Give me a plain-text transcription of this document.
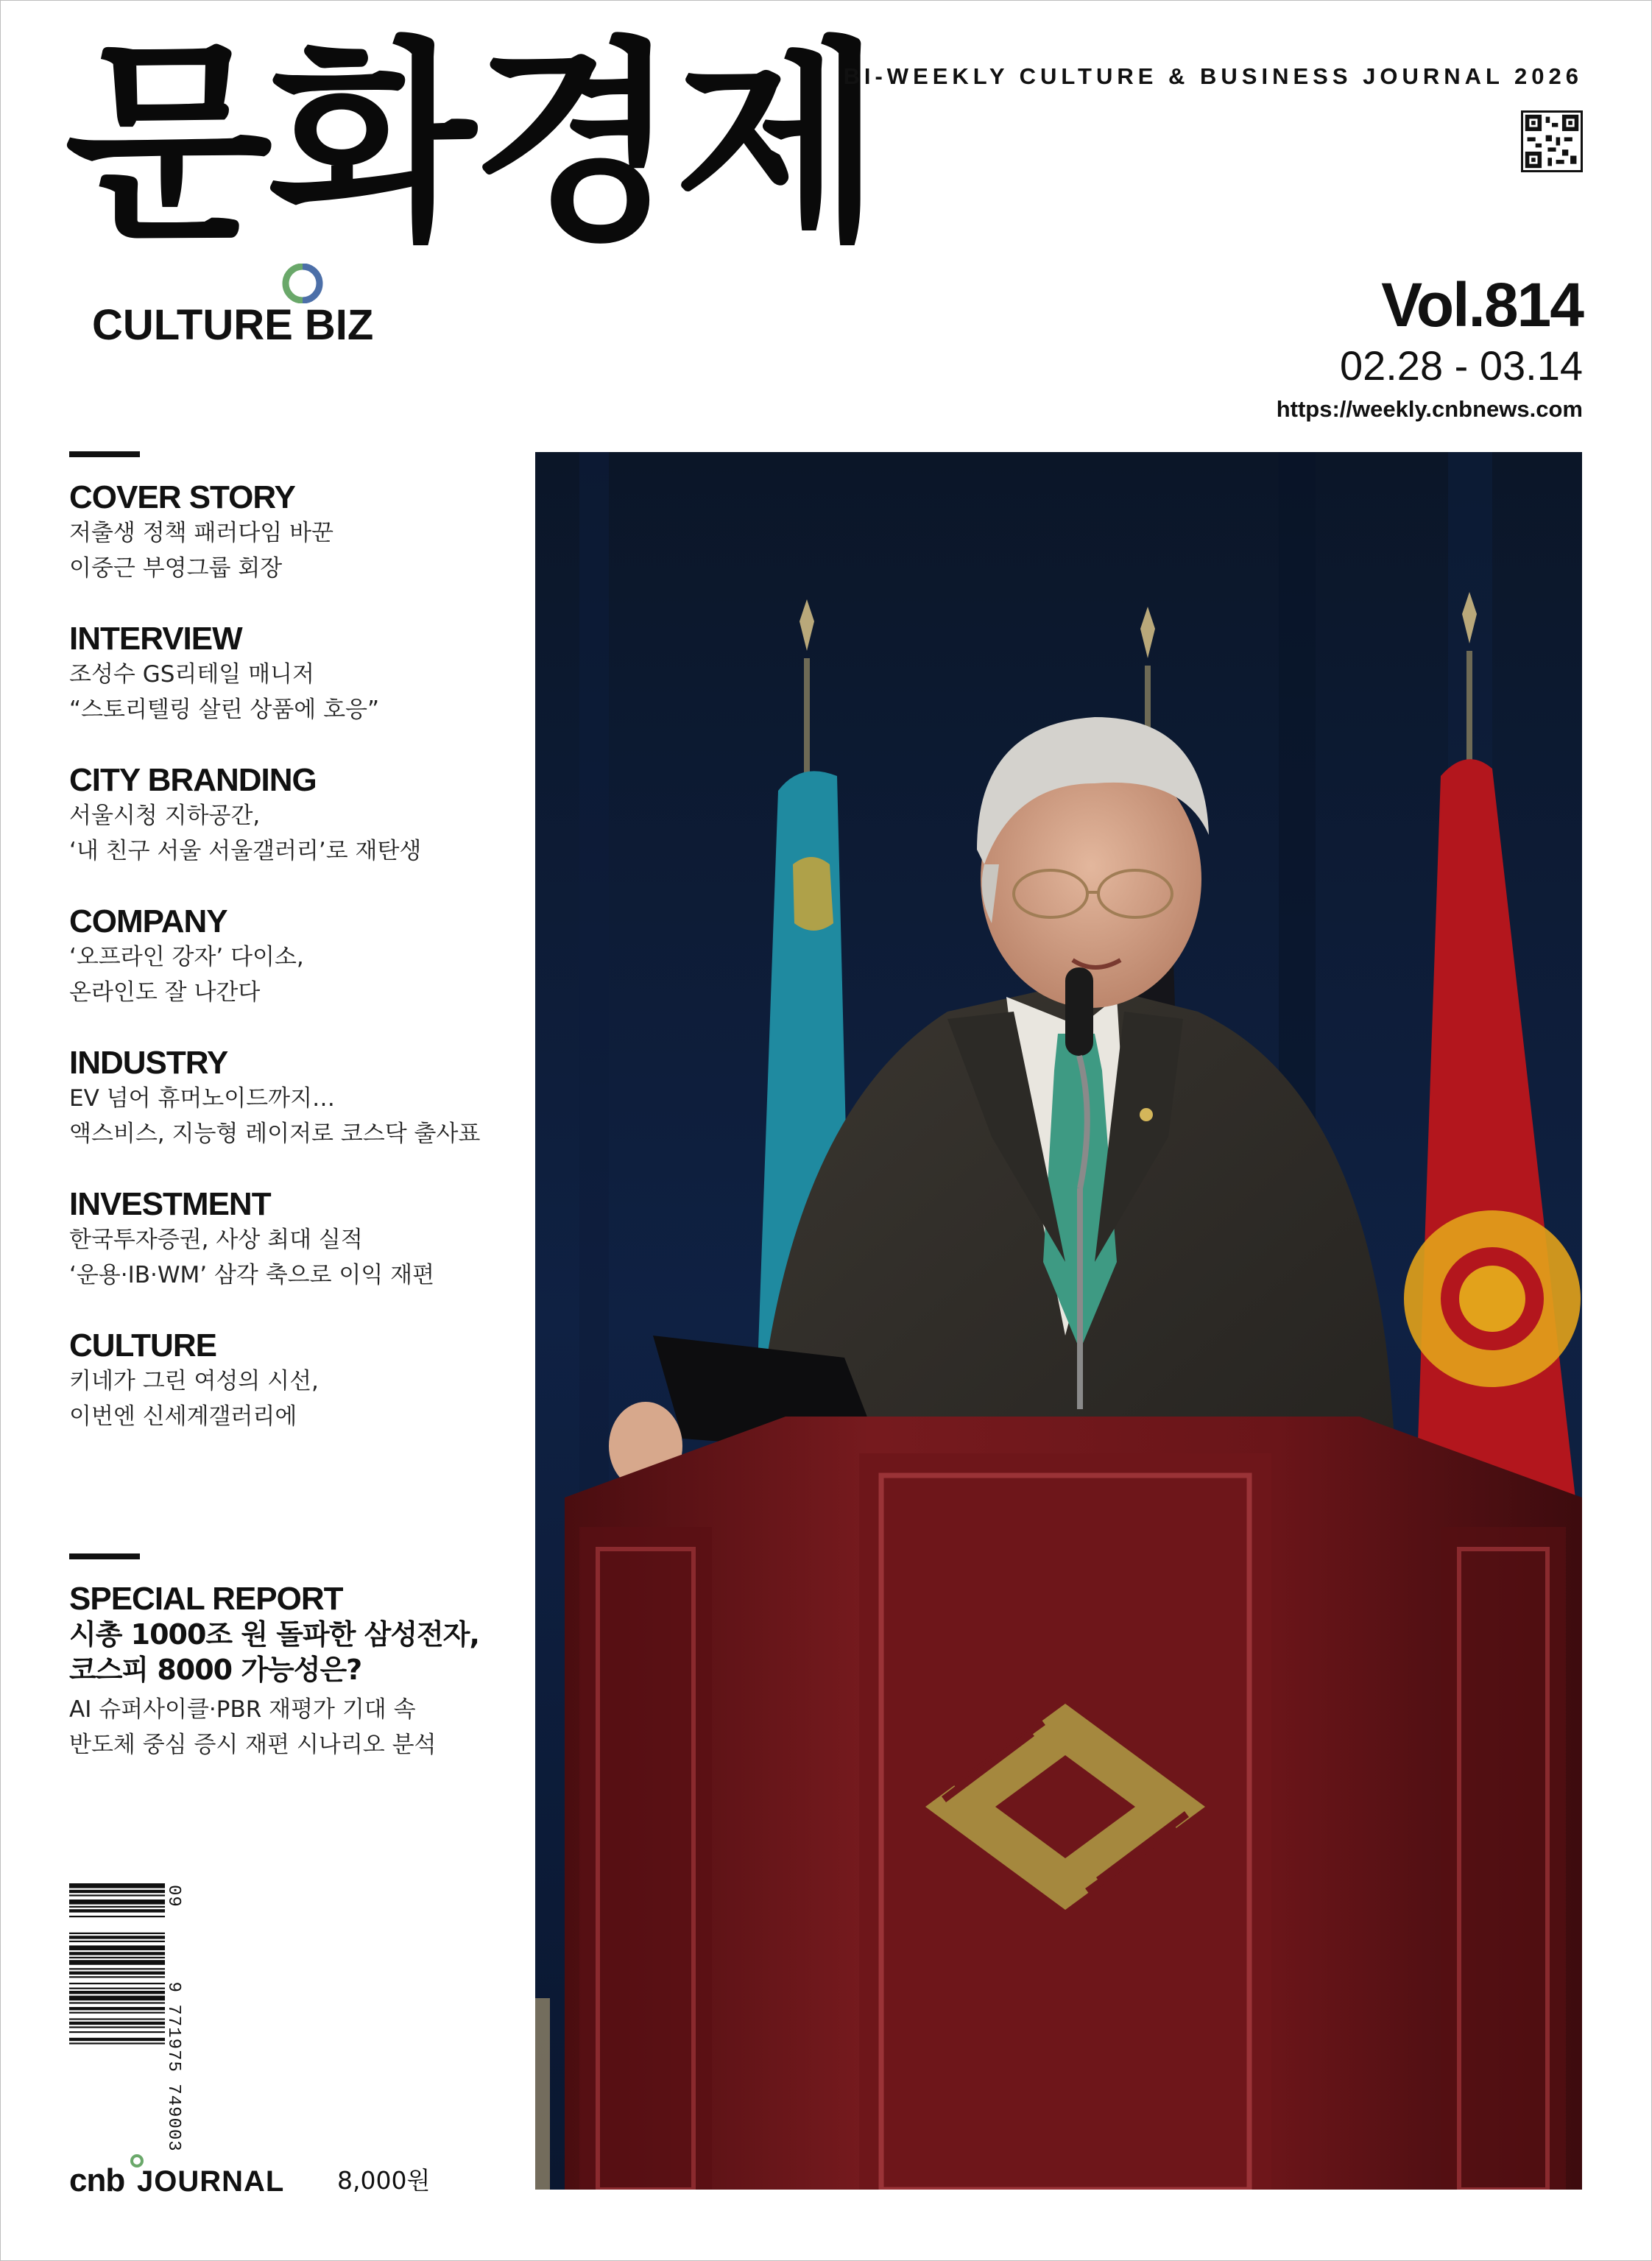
문화경제
CULTURE BIZ
BI-WEEKLY CULTURE & BUSINESS JOURNAL 2026
Vol.814
02.28 - 03.14
https://weekly.cnbnews.com
COVER STORY
저출생 정책 패러다임 바꾼
이중근 부영그룹 회장
INTERVIEW
조성수 GS리테일 매니저
“스토리텔링 살린 상품에 호응”
CITY BRANDING
서울시청 지하공간,
‘내 친구 서울 서울갤러리’로 재탄생
COMPANY
‘오프라인 강자’ 다이소,
온라인도 잘 나간다
INDUSTRY
EV 넘어 휴머노이드까지…
액스비스, 지능형 레이저로 코스닥 출사표
INVESTMENT
한국투자증권, 사상 최대 실적
‘운용·IB·WM’ 삼각 축으로 이익 재편
CULTURE
키네가 그린 여성의 시선,
이번엔 신세계갤러리에
SPECIAL REPORT
시총 1000조 원 돌파한 삼성전자,
코스피 8000 가능성은?
AI 슈퍼사이클·PBR 재평가 기대 속
반도체 중심 증시 재편 시나리오 분석
09  9 771975 749003
cnb JOURNAL 8,000원
